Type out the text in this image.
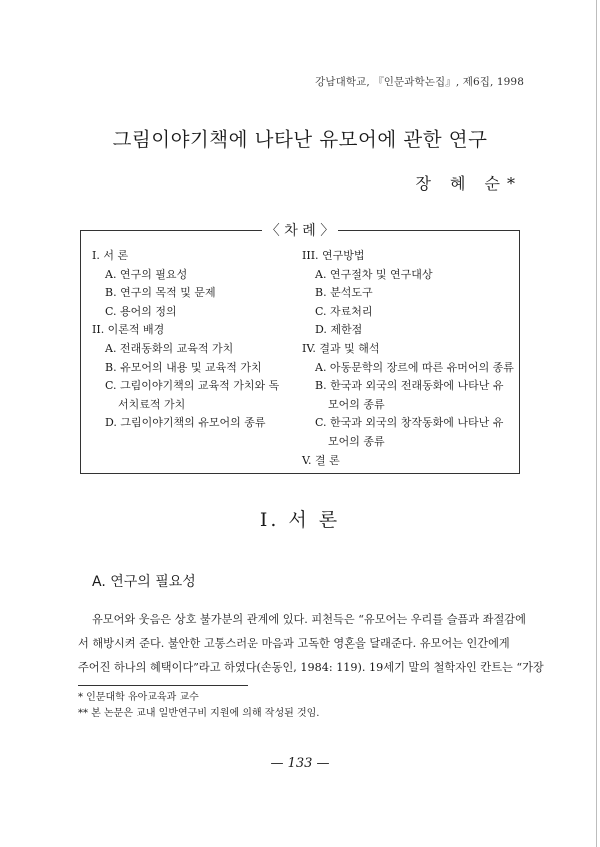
강남대학교, 『인문과학논집』, 제6집, 1998
그림이야기책에 나타난 유모어에 관한 연구
장 혜 순*
〈 차 례 〉
I. 서 론
A. 연구의 필요성
B. 연구의 목적 및 문제
C. 용어의 정의
II. 이론적 배경
A. 전래동화의 교육적 가치
B. 유모어의 내용 및 교육적 가치
C. 그림이야기책의 교육적 가치와 독
서치료적 가치
D. 그림이야기책의 유모어의 종류
III. 연구방법
A. 연구절차 및 연구대상
B. 분석도구
C. 자료처리
D. 제한점
IV. 결과 및 해석
A. 아동문학의 장르에 따른 유머어의 종류
B. 한국과 외국의 전래동화에 나타난 유
모어의 종류
C. 한국과 외국의 창작동화에 나타난 유
모어의 종류
V. 결 론
I. 서 론
A. 연구의 필요성

유모어와 웃음은 상호 불가분의 관계에 있다. 피천득은 “유모어는 우리를 슬픔과 좌절감에

서 해방시켜 준다. 불안한 고통스러운 마음과 고독한 영혼을 달래준다. 유모어는 인간에게

주어진 하나의 혜택이다”라고 하였다(손동인, 1984: 119). 19세기 말의 철학자인 칸트는 “가장

* 인문대학 유아교육과 교수
** 본 논문은 교내 일반연구비 지원에 의해 작성된 것임.
— 133 —
